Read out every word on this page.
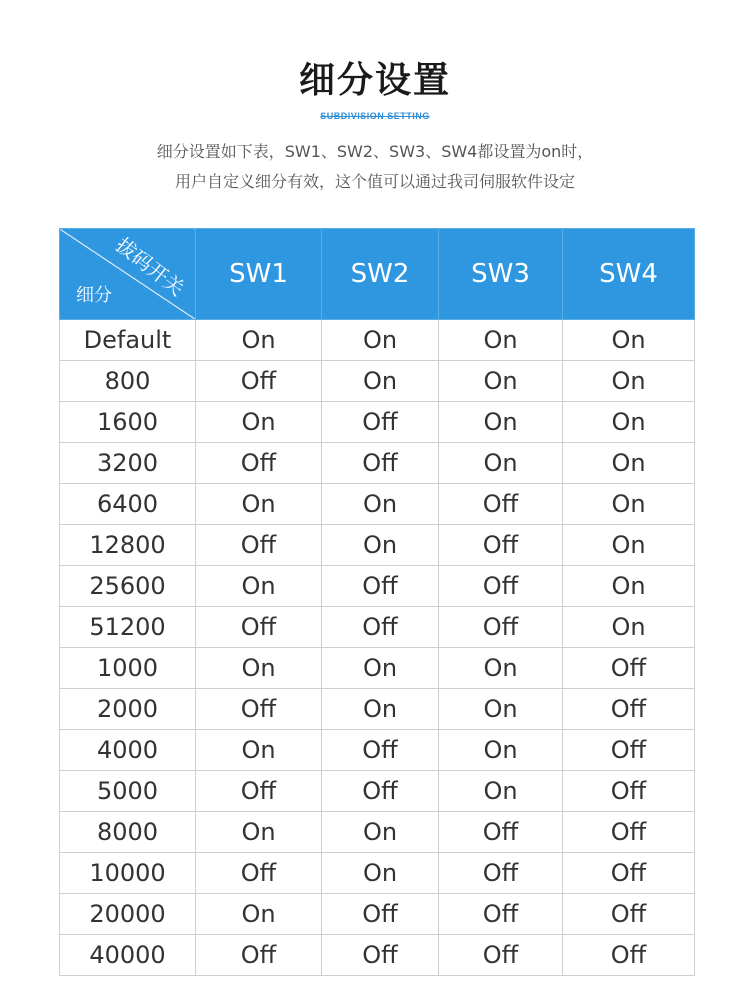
细分设置
SUBDIVISION SETTING
细分设置如下表，SW1、SW2、SW3、SW4都设置为on时，
用户自定义细分有效，这个值可以通过我司伺服软件设定
拔码开关
细分	SW1	SW2	SW3	SW4
Default	On	On	On	On
800	Off	On	On	On
1600	On	Off	On	On
3200	Off	Off	On	On
6400	On	On	Off	On
12800	Off	On	Off	On
25600	On	Off	Off	On
51200	Off	Off	Off	On
1000	On	On	On	Off
2000	Off	On	On	Off
4000	On	Off	On	Off
5000	Off	Off	On	Off
8000	On	On	Off	Off
10000	Off	On	Off	Off
20000	On	Off	Off	Off
40000	Off	Off	Off	Off
